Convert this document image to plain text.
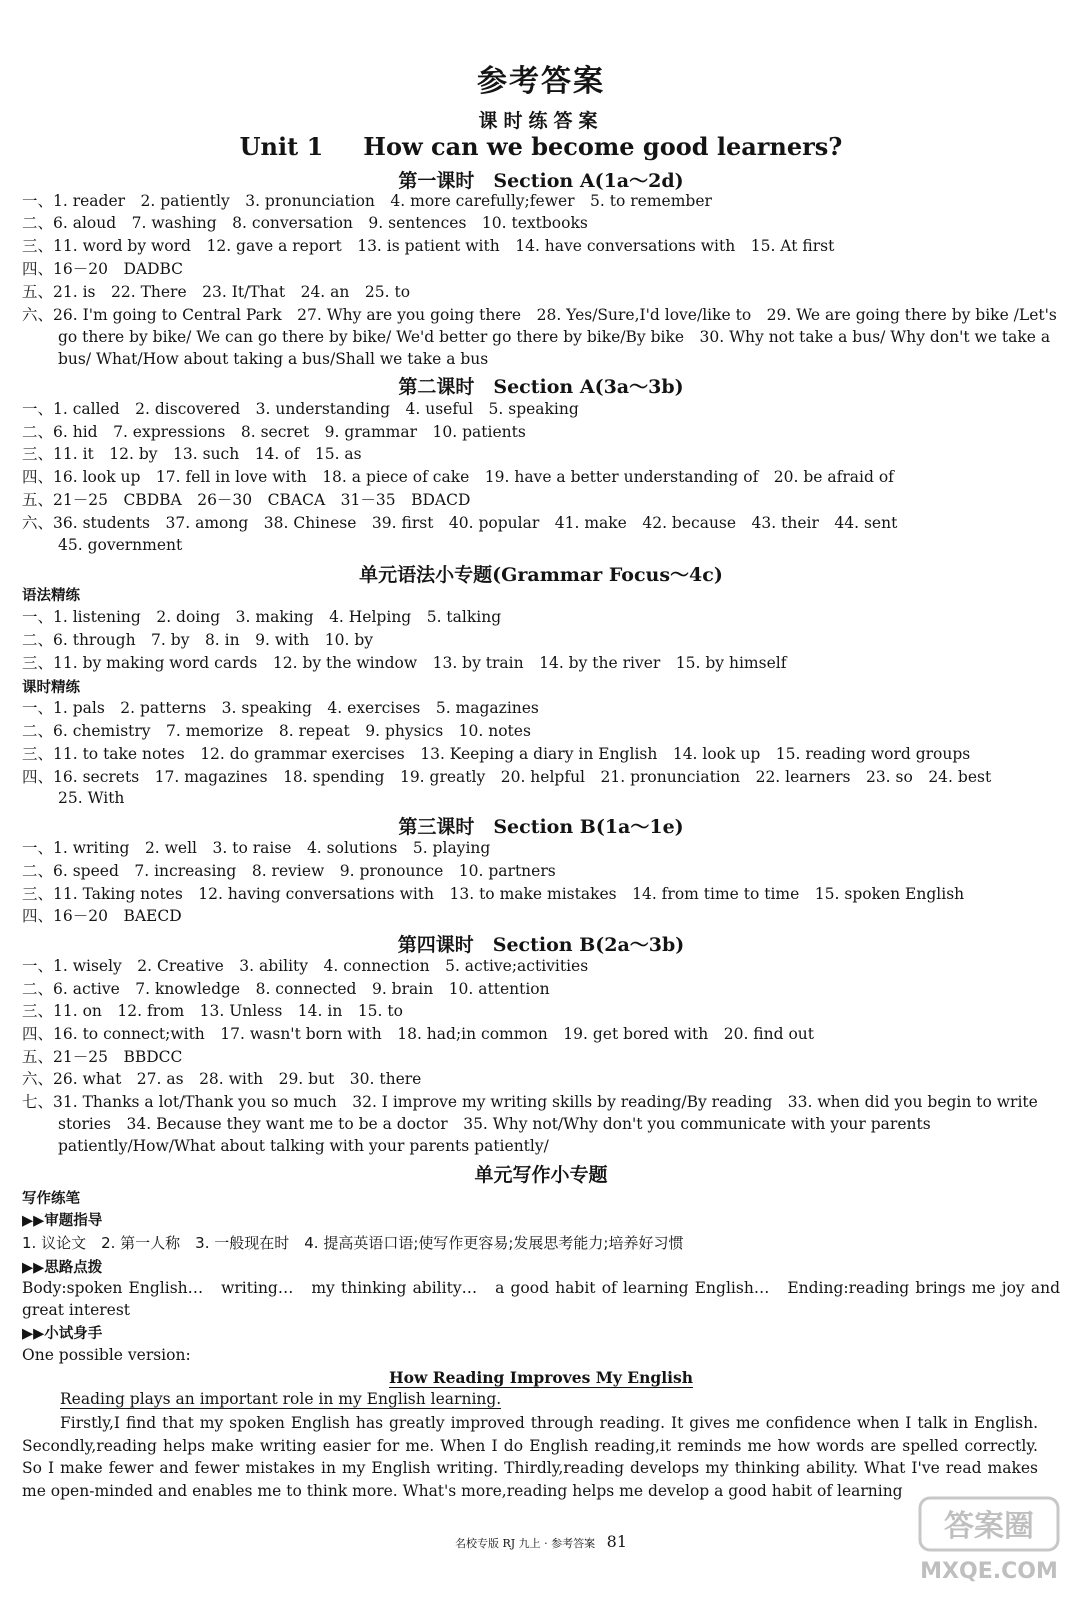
参考答案
课时练答案
Unit 1 How can we become good learners?
第一课时　Section A(1a～2d)
一、1. reader　2. patiently　3. pronunciation　4. more carefully;fewer　5. to remember
二、6. aloud　7. washing　8. conversation　9. sentences　10. textbooks
三、11. word by word　12. gave a report　13. is patient with　14. have conversations with　15. At first
四、16－20　DADBC
五、21. is　22. There　23. It/That　24. an　25. to
六、26. I'm going to Central Park　27. Why are you going there　28. Yes/Sure,I'd love/like to　29. We are going there by bike /Let's go there by bike/ We can go there by bike/ We'd better go there by bike/By bike　30. Why not take a bus/ Why don't we take a bus/ What/How about taking a bus/Shall we take a bus
第二课时　Section A(3a～3b)
一、1. called　2. discovered　3. understanding　4. useful　5. speaking
二、6. hid　7. expressions　8. secret　9. grammar　10. patients
三、11. it　12. by　13. such　14. of　15. as
四、16. look up　17. fell in love with　18. a piece of cake　19. have a better understanding of　20. be afraid of
五、21－25　CBDBA　26－30　CBACA　31－35　BDACD
六、36. students　37. among　38. Chinese　39. first　40. popular　41. make　42. because　43. their　44. sent
45. government
单元语法小专题(Grammar Focus～4c)
语法精练
一、1. listening　2. doing　3. making　4. Helping　5. talking
二、6. through　7. by　8. in　9. with　10. by
三、11. by making word cards　12. by the window　13. by train　14. by the river　15. by himself
课时精练
一、1. pals　2. patterns　3. speaking　4. exercises　5. magazines
二、6. chemistry　7. memorize　8. repeat　9. physics　10. notes
三、11. to take notes　12. do grammar exercises　13. Keeping a diary in English　14. look up　15. reading word groups
四、16. secrets　17. magazines　18. spending　19. greatly　20. helpful　21. pronunciation　22. learners　23. so　24. best
25. With
第三课时　Section B(1a～1e)
一、1. writing　2. well　3. to raise　4. solutions　5. playing
二、6. speed　7. increasing　8. review　9. pronounce　10. partners
三、11. Taking notes　12. having conversations with　13. to make mistakes　14. from time to time　15. spoken English
四、16－20　BAECD
第四课时　Section B(2a～3b)
一、1. wisely　2. Creative　3. ability　4. connection　5. active;activities
二、6. active　7. knowledge　8. connected　9. brain　10. attention
三、11. on　12. from　13. Unless　14. in　15. to
四、16. to connect;with　17. wasn't born with　18. had;in common　19. get bored with　20. find out
五、21－25　BBDCC
六、26. what　27. as　28. with　29. but　30. there
七、31. Thanks a lot/Thank you so much　32. I improve my writing skills by reading/By reading　33. when did you begin to write stories　34. Because they want me to be a doctor　35. Why not/Why don't you communicate with your parents patiently/How/What about talking with your parents patiently/
单元写作小专题
写作练笔
▶▶审题指导
1. 议论文　2. 第一人称　3. 一般现在时　4. 提高英语口语;使写作更容易;发展思考能力;培养好习惯
▶▶思路点拨
Body:spoken English…　writing…　my thinking ability…　a good habit of learning English…　Ending:reading brings me joy and great interest
▶▶小试身手
One possible version:
How Reading Improves My English
Reading plays an important role in my English learning.
Firstly,I find that my spoken English has greatly improved through reading. It gives me confidence when I talk in English. Secondly,reading helps make writing easier for me. When I do English reading,it reminds me how words are spelled correctly. So I make fewer and fewer mistakes in my English writing. Thirdly,reading develops my thinking ability. What I've read makes me open-minded and enables me to think more. What's more,reading helps me develop a good habit of learning
名校专版 RJ 九上 · 参考答案 81	答案圈
MXQE.COM
